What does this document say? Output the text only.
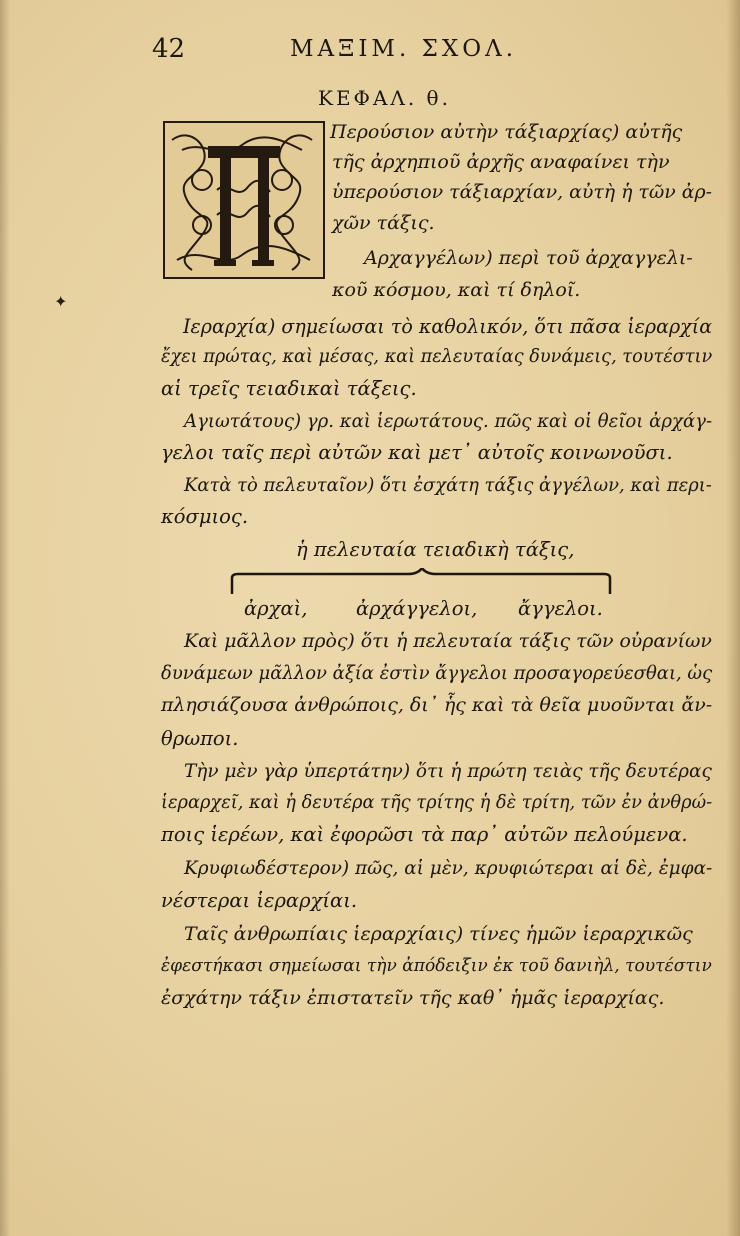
42	ΜΑΞΙΜ. ΣΧΟΛ.
ΚΕΦΑΛ. θ.
✦
Περούσιον αὐτὴν τάξιαρχίας) αὐτῆς
τῆς ἀρχηπιοῦ ἀρχῆς αναφαίνει τὴν
ὑπερούσιον τάξιαρχίαν, αὐτὴ ἡ τῶν ἀρ-
χῶν τάξις.
Αρχαγγέλων) περὶ τοῦ ἀρχαγγελι-
κοῦ κόσμου, καὶ τί δηλοῖ.
Ιεραρχία) σημείωσαι τὸ καθολικόν, ὅτι πᾶσα ἱεραρχία
ἔχει πρώτας, καὶ μέσας, καὶ πελευταίας δυνάμεις, τουτέστιν
αἱ τρεῖς τειαδικαὶ τάξεις.
Αγιωτάτους) γρ. καὶ ἱερωτάτους. πῶς καὶ οἱ θεῖοι ἀρχάγ-
γελοι ταῖς περὶ αὐτῶν καὶ μετ᾽ αὐτοῖς κοινωνοῦσι.
Κατὰ τὸ πελευταῖον) ὅτι ἐσχάτη τάξις ἀγγέλων, καὶ περι-
κόσμιος.
ἡ πελευταία τειαδικὴ τάξις,
ἀρχαὶ, ἀρχάγγελοι, ἄγγελοι.
Καὶ μᾶλλον πρὸς) ὅτι ἡ πελευταία τάξις τῶν οὐρανίων
δυνάμεων μᾶλλον ἀξία ἐστὶν ἄγγελοι προσαγορεύεσθαι, ὡς
πλησιάζουσα ἀνθρώποις, δι᾽ ἧς καὶ τὰ θεῖα μυοῦνται ἄν-
θρωποι.
Τὴν μὲν γὰρ ὑπερτάτην) ὅτι ἡ πρώτη τειὰς τῆς δευτέρας
ἱεραρχεῖ, καὶ ἡ δευτέρα τῆς τρίτης ἡ δὲ τρίτη, τῶν ἐν ἀνθρώ-
ποις ἱερέων, καὶ ἐφορῶσι τὰ παρ᾽ αὐτῶν πελούμενα.
Κρυφιωδέστερον) πῶς, αἱ μὲν, κρυφιώτεραι αἱ δὲ, ἐμφα-
νέστεραι ἱεραρχίαι.
Ταῖς ἀνθρωπίαις ἱεραρχίαις) τίνες ἡμῶν ἱεραρχικῶς
ἐφεστήκασι σημείωσαι τὴν ἀπόδειξιν ἐκ τοῦ δανιὴλ, τουτέστιν
ἐσχάτην τάξιν ἐπιστατεῖν τῆς καθ᾽ ἡμᾶς ἱεραρχίας.
